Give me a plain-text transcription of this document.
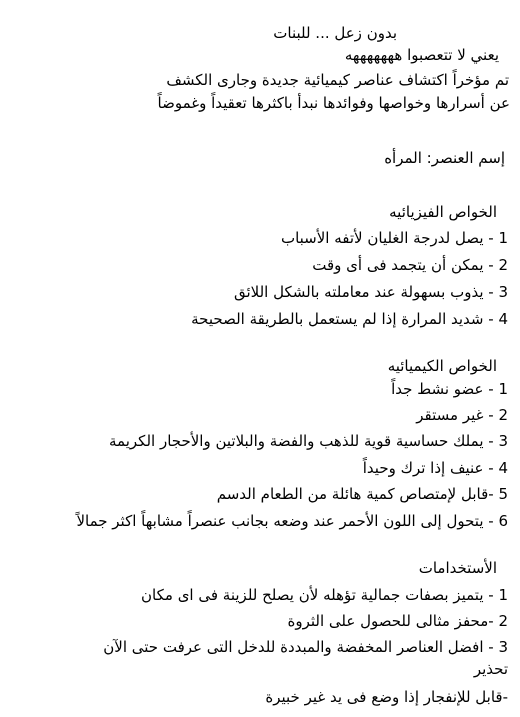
بدون زعل ... للبنات
يعني لا تتعصبوا هههههههه
تم مؤخراً اكتشاف عناصر كيميائية جديدة وجارى الكشف
عن أسرارها وخواصها وفوائدها نبدأ باكثرها تعقيداً وغموضاً
إسم العنصر: المرأه
الخواص الفيزيائيه
1 - يصل لدرجة الغليان لأتفه الأسباب
2 - يمكن أن يتجمد فى أى وقت
3 - يذوب بسهولة عند معاملته بالشكل اللائق
4 - شديد المرارة إذا لم يستعمل بالطريقة الصحيحة
الخواص الكيميائيه
1 - عضو نشط جداً
2 - غير مستقر
3 - يملك حساسية قوية للذهب والفضة والبلاتين والأحجار الكريمة
4 - عنيف إذا ترك وحيداً
5 -قابل لإمتصاص كمية هائلة من الطعام الدسم
6 - يتحول إلى اللون الأحمر عند وضعه بجانب عنصراً مشابهاً اكثر جمالاً
الأستخدامات
1 - يتميز بصفات جمالية تؤهله لأن يصلح للزينة فى اى مكان
2 -محفز مثالى للحصول على الثروة
3 - افضل العناصر المخفضة والمبددة للدخل التى عرفت حتى الآن
تحذير
-قابل للإنفجار إذا وضع فى يد غير خبيرة
